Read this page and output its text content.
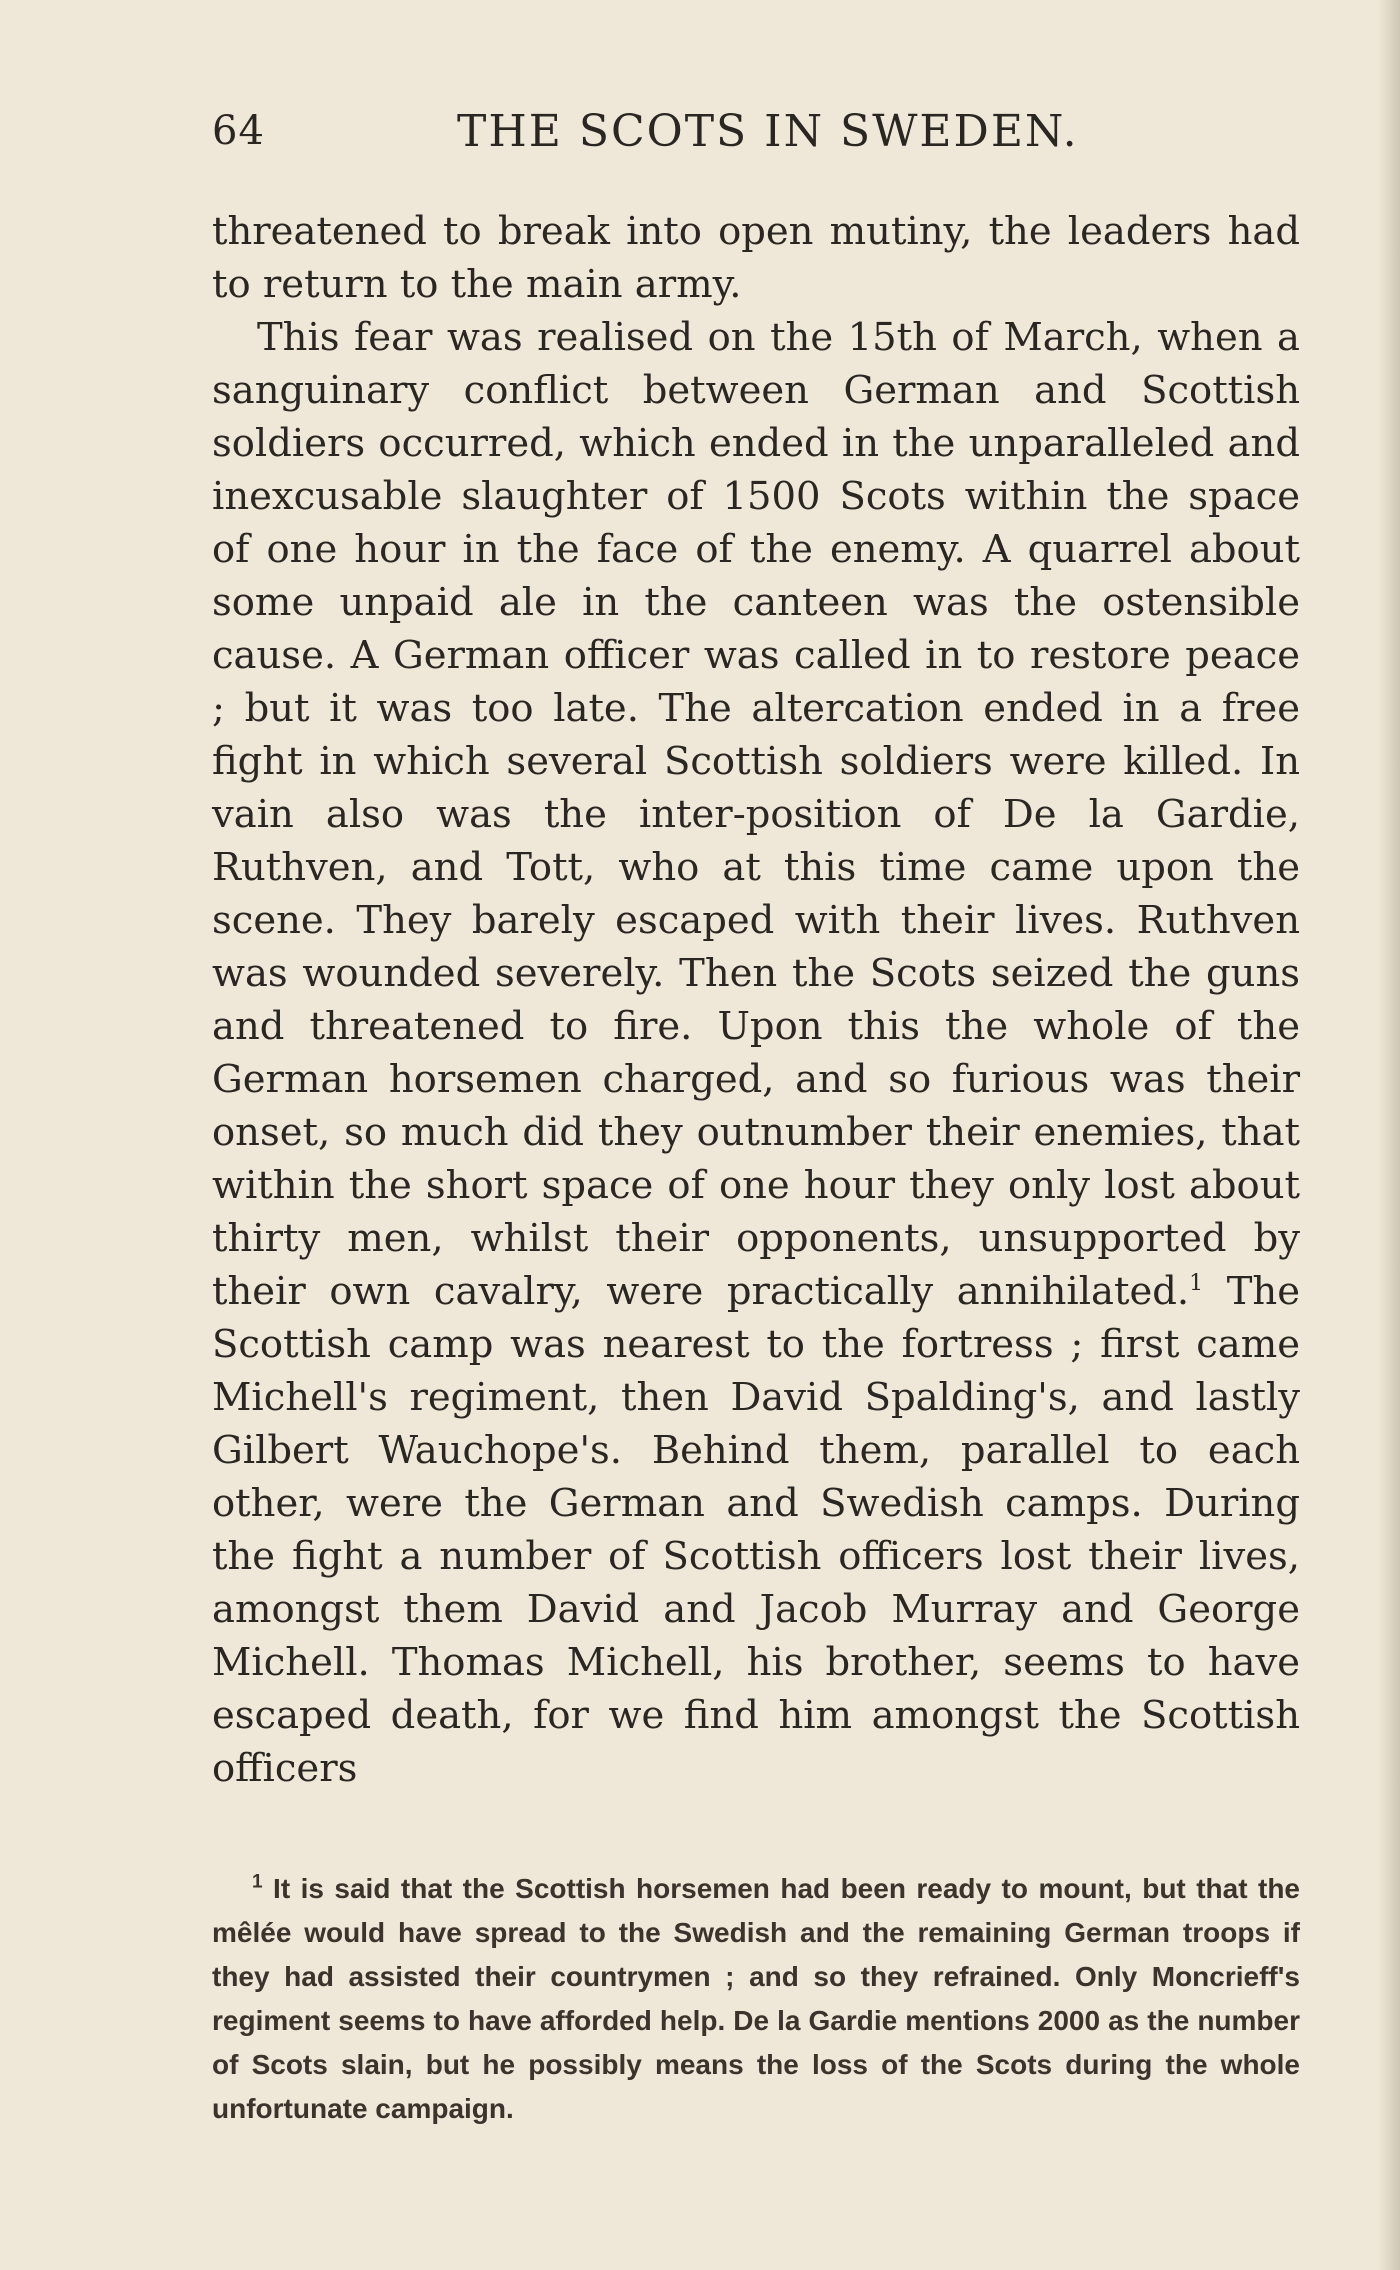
64	THE SCOTS IN SWEDEN.

threatened to break into open mutiny, the leaders had to return to the main army.

This fear was realised on the 15th of March, when a sanguinary conflict between German and Scottish soldiers occurred, which ended in the unparalleled and inexcusable slaughter of 1500 Scots within the space of one hour in the face of the enemy. A quarrel about some unpaid ale in the canteen was the ostensible cause. A German officer was called in to restore peace ; but it was too late. The altercation ended in a free fight in which several Scottish soldiers were killed. In vain also was the inter-position of De la Gardie, Ruthven, and Tott, who at this time came upon the scene. They barely escaped with their lives. Ruthven was wounded severely. Then the Scots seized the guns and threatened to fire. Upon this the whole of the German horsemen charged, and so furious was their onset, so much did they outnumber their enemies, that within the short space of one hour they only lost about thirty men, whilst their opponents, unsupported by their own cavalry, were practically annihilated.$^1$ The Scottish camp was nearest to the fortress ; first came Michell's regiment, then David Spalding's, and lastly Gilbert Wauchope's. Behind them, parallel to each other, were the German and Swedish camps. During the fight a number of Scottish officers lost their lives, amongst them David and Jacob Murray and George Michell. Thomas Michell, his brother, seems to have escaped death, for we find him amongst the Scottish officers

$^1$ It is said that the Scottish horsemen had been ready to mount, but that the mêlée would have spread to the Swedish and the remaining German troops if they had assisted their countrymen ; and so they refrained. Only Moncrieff's regiment seems to have afforded help. De la Gardie mentions 2000 as the number of Scots slain, but he possibly means the loss of the Scots during the whole unfortunate campaign.
